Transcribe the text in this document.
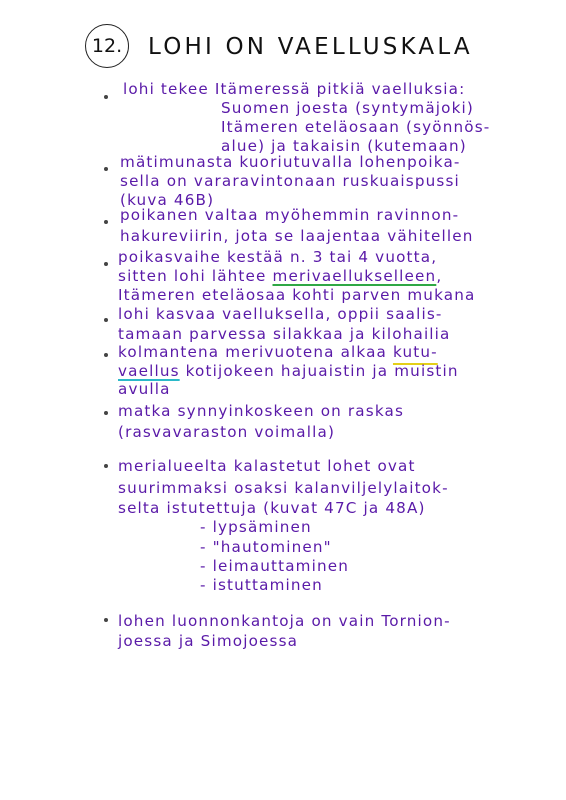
12. LOHI ON VAELLUSKALA
lohi tekee Itämeressä pitkiä vaelluksia:
Suomen joesta (syntymäjoki)
Itämeren eteläosaan (syönnös-
alue) ja takaisin (kutemaan)
mätimunasta kuoriutuvalla lohenpoika-
sella on vararavintonaan ruskuaispussi
(kuva 46B)
poikanen valtaa myöhemmin ravinnon-
hakureviirin, jota se laajentaa vähitellen
poikasvaihe kestää n. 3 tai 4 vuotta,
sitten lohi lähtee merivaellukselleen,
Itämeren eteläosaa kohti parven mukana
lohi kasvaa vaelluksella, oppii saalis-
tamaan parvessa silakkaa ja kilohailia
kolmantena merivuotena alkaa kutu-
vaellus kotijokeen hajuaistin ja muistin
avulla
matka synnyinkoskeen on raskas
(rasvavaraston voimalla)
merialueelta kalastetut lohet ovat
suurimmaksi osaksi kalanviljelylaitok-
selta istutettuja (kuvat 47C ja 48A)
- lypsäminen
- "hautominen"
- leimauttaminen
- istuttaminen
lohen luonnonkantoja on vain Tornion-
joessa ja Simojoessa
